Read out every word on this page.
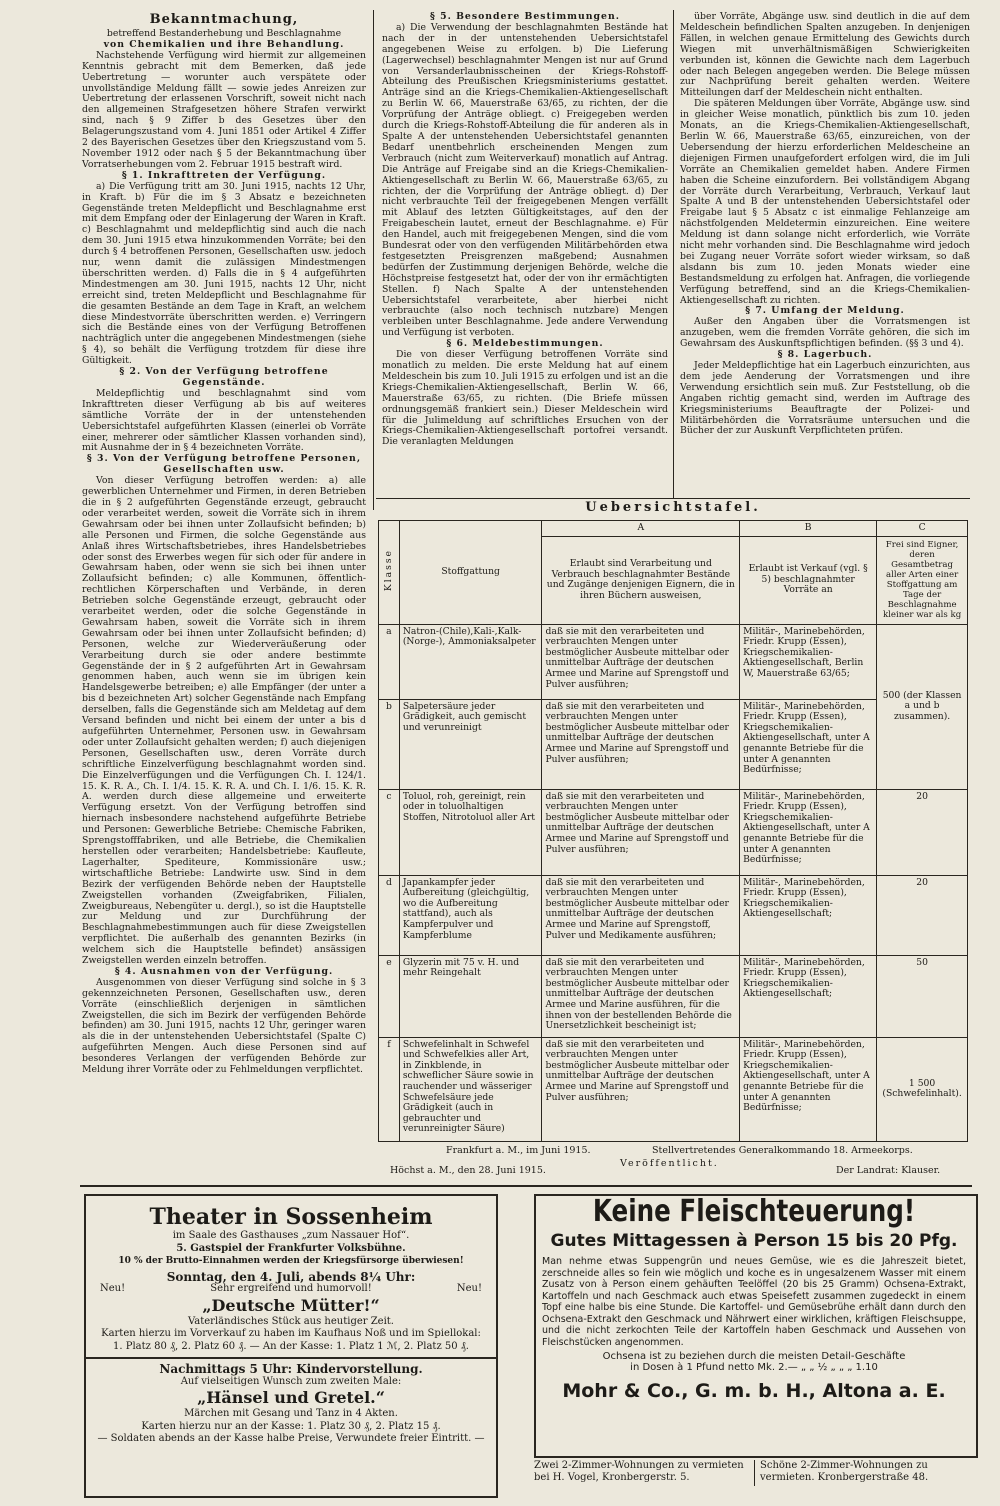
Bekanntmachung,

betreffend Bestanderhebung und Beschlagnahme

von Chemikalien und ihre Behandlung.

Nachstehende Verfügung wird hiermit zur allgemeinen Kenntnis gebracht mit dem Bemerken, daß jede Uebertretung — worunter auch verspätete oder unvollständige Meldung fällt — sowie jedes Anreizen zur Uebertretung der erlassenen Vorschrift, soweit nicht nach den allgemeinen Strafgesetzen höhere Strafen verwirkt sind, nach § 9 Ziffer b des Gesetzes über den Belagerungszustand vom 4. Juni 1851 oder Artikel 4 Ziffer 2 des Bayerischen Gesetzes über den Kriegszustand vom 5. November 1912 oder nach § 5 der Bekanntmachung über Vorratserhebungen vom 2. Februar 1915 bestraft wird.

§ 1. Inkrafttreten der Verfügung.

a) Die Verfügung tritt am 30. Juni 1915, nachts 12 Uhr, in Kraft. b) Für die im § 3 Absatz e bezeichneten Gegenstände treten Meldepflicht und Beschlagnahme erst mit dem Empfang oder der Einlagerung der Waren in Kraft. c) Beschlagnahmt und meldepflichtig sind auch die nach dem 30. Juni 1915 etwa hinzukommenden Vorräte; bei den durch § 4 betroffenen Personen, Gesellschaften usw. jedoch nur, wenn damit die zulässigen Mindestmengen überschritten werden. d) Falls die in § 4 aufgeführten Mindestmengen am 30. Juni 1915, nachts 12 Uhr, nicht erreicht sind, treten Meldepflicht und Beschlagnahme für die gesamten Bestände an dem Tage in Kraft, an welchem diese Mindestvorräte überschritten werden. e) Verringern sich die Bestände eines von der Verfügung Betroffenen nachträglich unter die angegebenen Mindestmengen (siehe § 4), so behält die Verfügung trotzdem für diese ihre Gültigkeit.

§ 2. Von der Verfügung betroffene Gegenstände.

Meldepflichtig und beschlagnahmt sind vom Inkrafttreten dieser Verfügung ab bis auf weiteres sämtliche Vorräte der in der untenstehenden Uebersichtstafel aufgeführten Klassen (einerlei ob Vorräte einer, mehrerer oder sämtlicher Klassen vorhanden sind), mit Ausnahme der in § 4 bezeichneten Vorräte.

§ 3. Von der Verfügung betroffene Personen, Gesellschaften usw.

Von dieser Verfügung betroffen werden: a) alle gewerblichen Unternehmer und Firmen, in deren Betrieben die in § 2 aufgeführten Gegenstände erzeugt, gebraucht oder verarbeitet werden, soweit die Vorräte sich in ihrem Gewahrsam oder bei ihnen unter Zollaufsicht befinden; b) alle Personen und Firmen, die solche Gegenstände aus Anlaß ihres Wirtschaftsbetriebes, ihres Handelsbetriebes oder sonst des Erwerbes wegen für sich oder für andere in Gewahrsam haben, oder wenn sie sich bei ihnen unter Zollaufsicht befinden; c) alle Kommunen, öffentlich-rechtlichen Körperschaften und Verbände, in deren Betrieben solche Gegenstände erzeugt, gebraucht oder verarbeitet werden, oder die solche Gegenstände in Gewahrsam haben, soweit die Vorräte sich in ihrem Gewahrsam oder bei ihnen unter Zollaufsicht befinden; d) Personen, welche zur Wiederveräußerung oder Verarbeitung durch sie oder andere bestimmte Gegenstände der in § 2 aufgeführten Art in Gewahrsam genommen haben, auch wenn sie im übrigen kein Handelsgewerbe betreiben; e) alle Empfänger (der unter a bis d bezeichneten Art) solcher Gegenstände nach Empfang derselben, falls die Gegenstände sich am Meldetag auf dem Versand befinden und nicht bei einem der unter a bis d aufgeführten Unternehmer, Personen usw. in Gewahrsam oder unter Zollaufsicht gehalten werden; f) auch diejenigen Personen, Gesellschaften usw., deren Vorräte durch schriftliche Einzelverfügung beschlagnahmt worden sind. Die Einzelverfügungen und die Verfügungen Ch. I. 124/1. 15. K. R. A., Ch. I. 1/4. 15. K. R. A. und Ch. I. 1/6. 15. K. R. A. werden durch diese allgemeine und erweiterte Verfügung ersetzt. Von der Verfügung betroffen sind hiernach insbesondere nachstehend aufgeführte Betriebe und Personen: Gewerbliche Betriebe: Chemische Fabriken, Sprengstofffabriken, und alle Betriebe, die Chemikalien herstellen oder verarbeiten; Handelsbetriebe: Kaufleute, Lagerhalter, Spediteure, Kommissionäre usw.; wirtschaftliche Betriebe: Landwirte usw. Sind in dem Bezirk der verfügenden Behörde neben der Hauptstelle Zweigstellen vorhanden (Zweigfabriken, Filialen, Zweigbureaus, Nebengüter u. dergl.), so ist die Hauptstelle zur Meldung und zur Durchführung der Beschlagnahmebestimmungen auch für diese Zweigstellen verpflichtet. Die außerhalb des genannten Bezirks (in welchem sich die Hauptstelle befindet) ansässigen Zweigstellen werden einzeln betroffen.

§ 4. Ausnahmen von der Verfügung.

Ausgenommen von dieser Verfügung sind solche in § 3 gekennzeichneten Personen, Gesellschaften usw., deren Vorräte (einschließlich derjenigen in sämtlichen Zweigstellen, die sich im Bezirk der verfügenden Behörde befinden) am 30. Juni 1915, nachts 12 Uhr, geringer waren als die in der untenstehenden Uebersichtstafel (Spalte C) aufgeführten Mengen. Auch diese Personen sind auf besonderes Verlangen der verfügenden Behörde zur Meldung ihrer Vorräte oder zu Fehlmeldungen verpflichtet.

§ 5. Besondere Bestimmungen.

a) Die Verwendung der beschlagnahmten Bestände hat nach der in der untenstehenden Uebersichtstafel angegebenen Weise zu erfolgen. b) Die Lieferung (Lagerwechsel) beschlagnahmter Mengen ist nur auf Grund von Versanderlaubnisscheinen der Kriegs-Rohstoff-Abteilung des Preußischen Kriegsministeriums gestattet. Anträge sind an die Kriegs-Chemikalien-Aktiengesellschaft zu Berlin W. 66, Mauerstraße 63/65, zu richten, der die Vorprüfung der Anträge obliegt. c) Freigegeben werden durch die Kriegs-Rohstoff-Abteilung die für anderen als in Spalte A der untenstehenden Uebersichtstafel genannten Bedarf unentbehrlich erscheinenden Mengen zum Verbrauch (nicht zum Weiterverkauf) monatlich auf Antrag. Die Anträge auf Freigabe sind an die Kriegs-Chemikalien-Aktiengesellschaft zu Berlin W. 66, Mauerstraße 63/65, zu richten, der die Vorprüfung der Anträge obliegt. d) Der nicht verbrauchte Teil der freigegebenen Mengen verfällt mit Ablauf des letzten Gültigkeitstages, auf den der Freigabeschein lautet, erneut der Beschlagnahme. e) Für den Handel, auch mit freigegebenen Mengen, sind die vom Bundesrat oder von den verfügenden Militärbehörden etwa festgesetzten Preisgrenzen maßgebend; Ausnahmen bedürfen der Zustimmung derjenigen Behörde, welche die Höchstpreise festgesetzt hat, oder der von ihr ermächtigten Stellen. f) Nach Spalte A der untenstehenden Uebersichtstafel verarbeitete, aber hierbei nicht verbrauchte (also noch technisch nutzbare) Mengen verbleiben unter Beschlagnahme. Jede andere Verwendung und Verfügung ist verboten.

§ 6. Meldebestimmungen.

Die von dieser Verfügung betroffenen Vorräte sind monatlich zu melden. Die erste Meldung hat auf einem Meldeschein bis zum 10. Juli 1915 zu erfolgen und ist an die Kriegs-Chemikalien-Aktiengesellschaft, Berlin W. 66, Mauerstraße 63/65, zu richten. (Die Briefe müssen ordnungsgemäß frankiert sein.) Dieser Meldeschein wird für die Julimeldung auf schriftliches Ersuchen von der Kriegs-Chemikalien-Aktiengesellschaft portofrei versandt. Die veranlagten Meldungen

über Vorräte, Abgänge usw. sind deutlich in die auf dem Meldeschein befindlichen Spalten anzugeben. In denjenigen Fällen, in welchen genaue Ermittelung des Gewichts durch Wiegen mit unverhältnismäßigen Schwierigkeiten verbunden ist, können die Gewichte nach dem Lagerbuch oder nach Belegen angegeben werden. Die Belege müssen zur Nachprüfung bereit gehalten werden. Weitere Mitteilungen darf der Meldeschein nicht enthalten.

Die späteren Meldungen über Vorräte, Abgänge usw. sind in gleicher Weise monatlich, pünktlich bis zum 10. jeden Monats, an die Kriegs-Chemikalien-Aktiengesellschaft, Berlin W. 66, Mauerstraße 63/65, einzureichen, von der Uebersendung der hierzu erforderlichen Meldescheine an diejenigen Firmen unaufgefordert erfolgen wird, die im Juli Vorräte an Chemikalien gemeldet haben. Andere Firmen haben die Scheine einzufordern. Bei vollständigem Abgang der Vorräte durch Verarbeitung, Verbrauch, Verkauf laut Spalte A und B der untenstehenden Uebersichtstafel oder Freigabe laut § 5 Absatz c ist einmalige Fehlanzeige am nächstfolgenden Meldetermin einzureichen. Eine weitere Meldung ist dann solange nicht erforderlich, wie Vorräte nicht mehr vorhanden sind. Die Beschlagnahme wird jedoch bei Zugang neuer Vorräte sofort wieder wirksam, so daß alsdann bis zum 10. jeden Monats wieder eine Bestandsmeldung zu erfolgen hat. Anfragen, die vorliegende Verfügung betreffend, sind an die Kriegs-Chemikalien-Aktiengesellschaft zu richten.

§ 7. Umfang der Meldung.

Außer den Angaben über die Vorratsmengen ist anzugeben, wem die fremden Vorräte gehören, die sich im Gewahrsam des Auskunftspflichtigen befinden. (§§ 3 und 4).

§ 8. Lagerbuch.

Jeder Meldepflichtige hat ein Lagerbuch einzurichten, aus dem jede Aenderung der Vorratsmengen und ihre Verwendung ersichtlich sein muß. Zur Feststellung, ob die Angaben richtig gemacht sind, werden im Auftrage des Kriegsministeriums Beauftragte der Polizei- und Militärbehörden die Vorratsräume untersuchen und die Bücher der zur Auskunft Verpflichteten prüfen.

Uebersichtstafel.
Klasse	Stoffgattung	A	B	C
		Erlaubt sind Verarbeitung und Verbrauch beschlagnahmter Bestände und Zugänge denjenigen Eignern, die in ihren Büchern ausweisen,	Erlaubt ist Verkauf (vgl. § 5) beschlagnahmter Vorräte an	Frei sind Eigner, deren Gesamtbetrag aller Arten einer Stoffgattung am Tage der Beschlagnahme kleiner war als kg
a	Natron-(Chile),Kali-,Kalk-(Norge-), Ammoniaksalpeter	daß sie mit den verarbeiteten und verbrauchten Mengen unter bestmöglicher Ausbeute mittelbar oder unmittelbar Aufträge der deutschen Armee und Marine auf Sprengstoff und Pulver ausführen;	Militär-, Marinebehörden, Friedr. Krupp (Essen), Kriegschemikalien-Aktiengesellschaft, Berlin W, Mauerstraße 63/65;	500 (der Klassen a und b zusammen).
b	Salpetersäure jeder Grädigkeit, auch gemischt und verunreinigt	daß sie mit den verarbeiteten und verbrauchten Mengen unter bestmöglicher Ausbeute mittelbar oder unmittelbar Aufträge der deutschen Armee und Marine auf Sprengstoff und Pulver ausführen;	Militär-, Marinebehörden, Friedr. Krupp (Essen), Kriegschemikalien-Aktiengesellschaft, unter A genannte Betriebe für die unter A genannten Bedürfnisse;	
c	Toluol, roh, gereinigt, rein oder in toluolhaltigen Stoffen, Nitrotoluol aller Art	daß sie mit den verarbeiteten und verbrauchten Mengen unter bestmöglicher Ausbeute mittelbar oder unmittelbar Aufträge der deutschen Armee und Marine auf Sprengstoff und Pulver ausführen;	Militär-, Marinebehörden, Friedr. Krupp (Essen), Kriegschemikalien-Aktiengesellschaft, unter A genannte Betriebe für die unter A genannten Bedürfnisse;	20
d	Japankampfer jeder Aufbereitung (gleichgültig, wo die Aufbereitung stattfand), auch als Kampferpulver und Kampferblume	daß sie mit den verarbeiteten und verbrauchten Mengen unter bestmöglicher Ausbeute mittelbar oder unmittelbar Aufträge der deutschen Armee und Marine auf Sprengstoff, Pulver und Medikamente ausführen;	Militär-, Marinebehörden, Friedr. Krupp (Essen), Kriegschemikalien-Aktiengesellschaft;	20
e	Glyzerin mit 75 v. H. und mehr Reingehalt	daß sie mit den verarbeiteten und verbrauchten Mengen unter bestmöglicher Ausbeute mittelbar oder unmittelbar Aufträge der deutschen Armee und Marine ausführen, für die ihnen von der bestellenden Behörde die Unersetzlichkeit bescheinigt ist;	Militär-, Marinebehörden, Friedr. Krupp (Essen), Kriegschemikalien-Aktiengesellschaft;	50
f	Schwefelinhalt in Schwefel und Schwefelkies aller Art, in Zinkblende, in schweflicher Säure sowie in rauchender und wässeriger Schwefelsäure jede Grädigkeit (auch in gebrauchter und verunreinigter Säure)	daß sie mit den verarbeiteten und verbrauchten Mengen unter bestmöglicher Ausbeute mittelbar oder unmittelbar Aufträge der deutschen Armee und Marine auf Sprengstoff und Pulver ausführen;	Militär-, Marinebehörden, Friedr. Krupp (Essen), Kriegschemikalien-Aktiengesellschaft, unter A genannte Betriebe für die unter A genannten Bedürfnisse;	1 500 (Schwefelinhalt).
Frankfurt a. M., im Juni 1915.	Stellvertretendes Generalkommando 18. Armeekorps.
Veröffentlicht.
Höchst a. M., den 28. Juni 1915.	Der Landrat: Klauser.
Theater in Sossenheim
im Saale des Gasthauses „zum Nassauer Hof“.
5. Gastspiel der Frankfurter Volksbühne.
10 % der Brutto-Einnahmen werden der Kriegsfürsorge überwiesen!
Sonntag, den 4. Juli, abends 8¼ Uhr:
Neu!	Sehr ergreifend und humorvoll!	Neu!
„Deutsche Mütter!“
Vaterländisches Stück aus heutiger Zeit.
Karten hierzu im Vorverkauf zu haben im Kaufhaus Noß und im Spiellokal:
1. Platz 80 ₰, 2. Platz 60 ₰. — An der Kasse: 1. Platz 1 ℳ, 2. Platz 50 ₰.
Nachmittags 5 Uhr: Kindervorstellung.
Auf vielseitigen Wunsch zum zweiten Male:
„Hänsel und Gretel.“
Märchen mit Gesang und Tanz in 4 Akten.
Karten hierzu nur an der Kasse: 1. Platz 30 ₰, 2. Platz 15 ₰.
— Soldaten abends an der Kasse halbe Preise, Verwundete freier Eintritt. —
Keine Fleischteuerung!
Gutes Mittagessen à Person 15 bis 20 Pfg.
Man nehme etwas Suppengrün und neues Gemüse, wie es die Jahreszeit bietet, zerschneide alles so fein wie möglich und koche es in ungesalzenem Wasser mit einem Zusatz von à Person einem gehäuften Teelöffel (20 bis 25 Gramm) Ochsena-Extrakt, Kartoffeln und nach Geschmack auch etwas Speisefett zusammen zugedeckt in einem Topf eine halbe bis eine Stunde. Die Kartoffel- und Gemüsebrühe erhält dann durch den Ochsena-Extrakt den Geschmack und Nährwert einer wirklichen, kräftigen Fleischsuppe, und die nicht zerkochten Teile der Kartoffeln haben Geschmack und Aussehen von Fleischstücken angenommen.
Ochsena ist zu beziehen durch die meisten Detail-Geschäfte
in Dosen à 1 Pfund netto Mk. 2.— „ „ ½ „ „ „ 1.10
Mohr & Co., G. m. b. H., Altona a. E.
Zwei 2-Zimmer-Wohnungen zu vermieten bei H. Vogel, Kronbergerstr. 5.
Schöne 2-Zimmer-Wohnungen zu vermieten. Kronbergerstraße 48.
